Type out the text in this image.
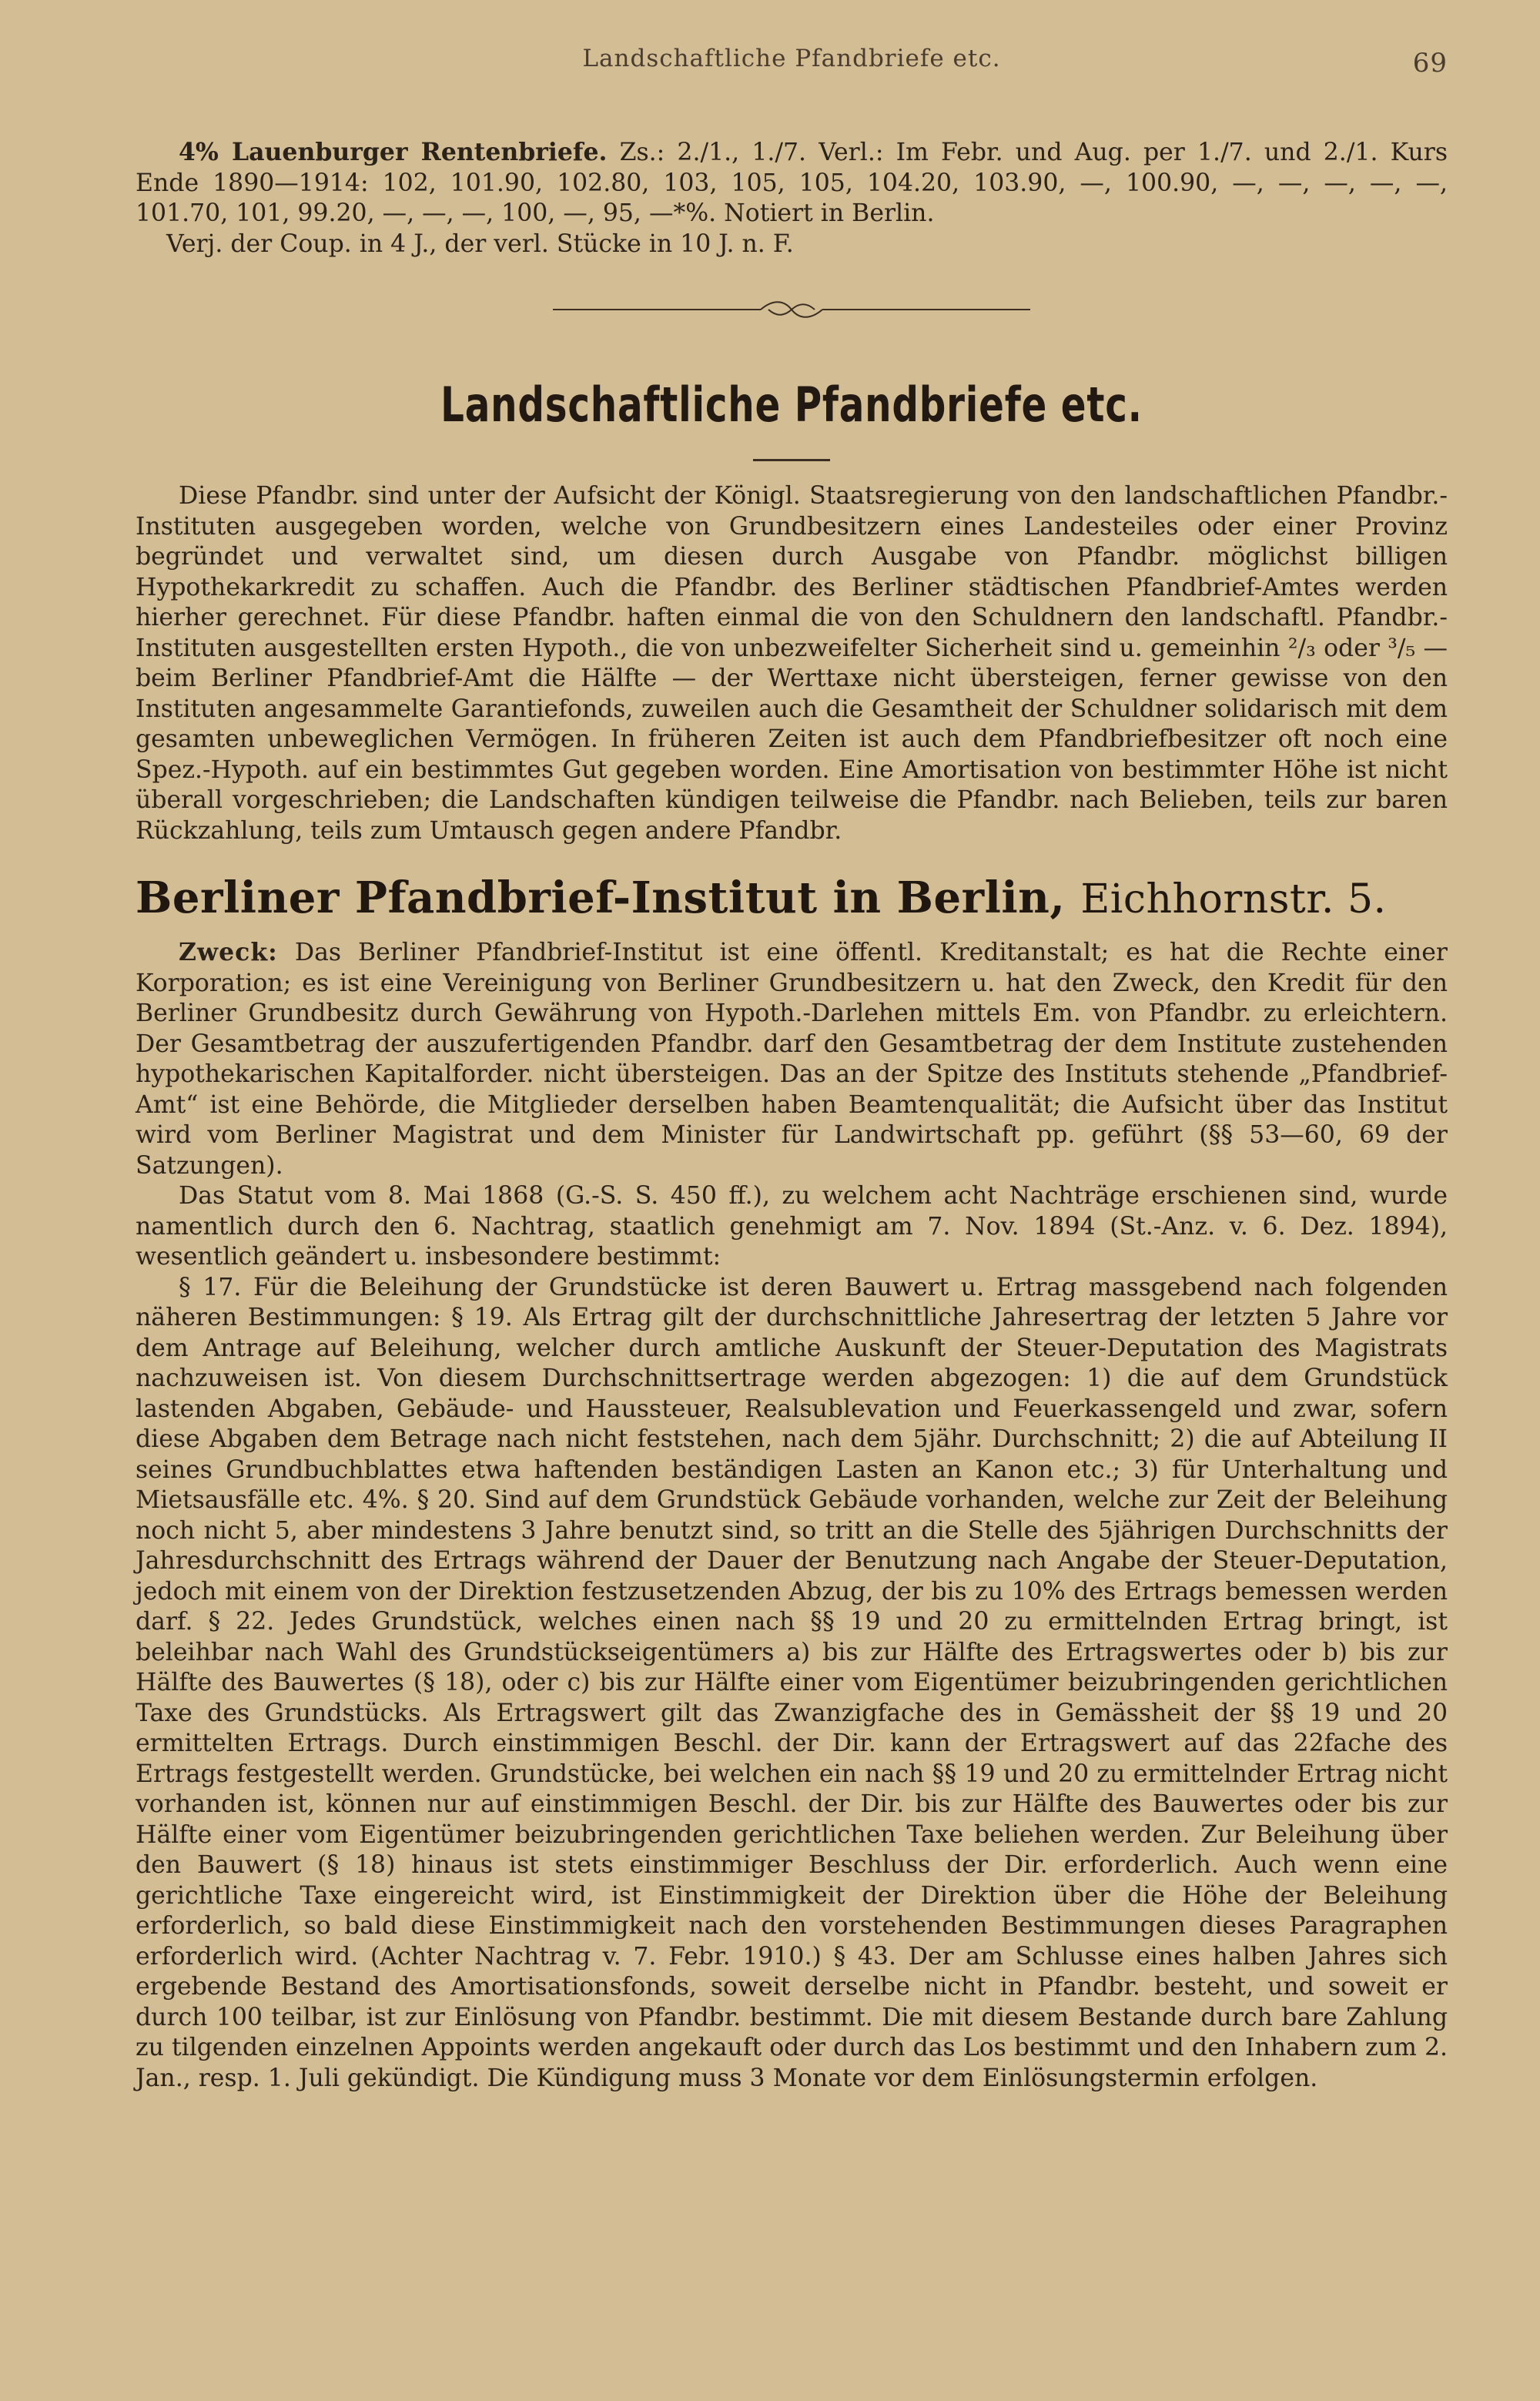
Landschaftliche Pfandbriefe etc.	69

4% Lauenburger Rentenbriefe. Zs.: 2./1., 1./7. Verl.: Im Febr. und Aug. per 1./7. und 2./1. Kurs Ende 1890—1914: 102, 101.90, 102.80, 103, 105, 105, 104.20, 103.90, —, 100.90, —, —, —, —, —, 101.70, 101, 99.20, —, —, —, 100, —, 95, —*%. Notiert in Berlin.

Verj. der Coup. in 4 J., der verl. Stücke in 10 J. n. F.

Landschaftliche Pfandbriefe etc.

Diese Pfandbr. sind unter der Aufsicht der Königl. Staatsregierung von den landschaftlichen Pfandbr.-Instituten ausgegeben worden, welche von Grundbesitzern eines Landesteiles oder einer Provinz begründet und verwaltet sind, um diesen durch Ausgabe von Pfandbr. möglichst billigen Hypothekarkredit zu schaffen. Auch die Pfandbr. des Berliner städtischen Pfandbrief-Amtes werden hierher gerechnet. Für diese Pfandbr. haften einmal die von den Schuldnern den landschaftl. Pfandbr.-Instituten ausgestellten ersten Hypoth., die von unbezweifelter Sicherheit sind u. gemeinhin ²/₃ oder ³/₅ — beim Berliner Pfandbrief-Amt die Hälfte — der Werttaxe nicht übersteigen, ferner gewisse von den Instituten angesammelte Garantiefonds, zuweilen auch die Gesamtheit der Schuldner solidarisch mit dem gesamten unbeweglichen Vermögen. In früheren Zeiten ist auch dem Pfandbriefbesitzer oft noch eine Spez.-Hypoth. auf ein bestimmtes Gut gegeben worden. Eine Amortisation von bestimmter Höhe ist nicht überall vorgeschrieben; die Landschaften kündigen teilweise die Pfandbr. nach Belieben, teils zur baren Rückzahlung, teils zum Umtausch gegen andere Pfandbr.

Berliner Pfandbrief-Institut in Berlin, Eichhornstr. 5.

Zweck: Das Berliner Pfandbrief-Institut ist eine öffentl. Kreditanstalt; es hat die Rechte einer Korporation; es ist eine Vereinigung von Berliner Grundbesitzern u. hat den Zweck, den Kredit für den Berliner Grundbesitz durch Gewährung von Hypoth.-Darlehen mittels Em. von Pfandbr. zu erleichtern. Der Gesamtbetrag der auszufertigenden Pfandbr. darf den Gesamtbetrag der dem Institute zustehenden hypothekarischen Kapitalforder. nicht übersteigen. Das an der Spitze des Instituts stehende „Pfandbrief-Amt“ ist eine Behörde, die Mitglieder derselben haben Beamtenqualität; die Aufsicht über das Institut wird vom Berliner Magistrat und dem Minister für Landwirtschaft pp. geführt (§§ 53—60, 69 der Satzungen).

Das Statut vom 8. Mai 1868 (G.-S. S. 450 ff.), zu welchem acht Nachträge erschienen sind, wurde namentlich durch den 6. Nachtrag, staatlich genehmigt am 7. Nov. 1894 (St.-Anz. v. 6. Dez. 1894), wesentlich geändert u. insbesondere bestimmt:

§ 17. Für die Beleihung der Grundstücke ist deren Bauwert u. Ertrag massgebend nach folgenden näheren Bestimmungen: § 19. Als Ertrag gilt der durchschnittliche Jahresertrag der letzten 5 Jahre vor dem Antrage auf Beleihung, welcher durch amtliche Auskunft der Steuer-Deputation des Magistrats nachzuweisen ist. Von diesem Durchschnittsertrage werden abgezogen: 1) die auf dem Grundstück lastenden Abgaben, Gebäude- und Haussteuer, Realsublevation und Feuerkassengeld und zwar, sofern diese Abgaben dem Betrage nach nicht feststehen, nach dem 5jähr. Durchschnitt; 2) die auf Abteilung II seines Grundbuchblattes etwa haftenden beständigen Lasten an Kanon etc.; 3) für Unterhaltung und Mietsausfälle etc. 4%. § 20. Sind auf dem Grundstück Gebäude vorhanden, welche zur Zeit der Beleihung noch nicht 5, aber mindestens 3 Jahre benutzt sind, so tritt an die Stelle des 5jährigen Durchschnitts der Jahresdurchschnitt des Ertrags während der Dauer der Benutzung nach Angabe der Steuer-Deputation, jedoch mit einem von der Direktion festzusetzenden Abzug, der bis zu 10% des Ertrags bemessen werden darf. § 22. Jedes Grundstück, welches einen nach §§ 19 und 20 zu ermittelnden Ertrag bringt, ist beleihbar nach Wahl des Grundstückseigentümers a) bis zur Hälfte des Ertragswertes oder b) bis zur Hälfte des Bauwertes (§ 18), oder c) bis zur Hälfte einer vom Eigentümer beizubringenden gerichtlichen Taxe des Grundstücks. Als Ertragswert gilt das Zwanzigfache des in Gemässheit der §§ 19 und 20 ermittelten Ertrags. Durch einstimmigen Beschl. der Dir. kann der Ertragswert auf das 22fache des Ertrags festgestellt werden. Grundstücke, bei welchen ein nach §§ 19 und 20 zu ermittelnder Ertrag nicht vorhanden ist, können nur auf einstimmigen Beschl. der Dir. bis zur Hälfte des Bauwertes oder bis zur Hälfte einer vom Eigentümer beizubringenden gerichtlichen Taxe beliehen werden. Zur Beleihung über den Bauwert (§ 18) hinaus ist stets einstimmiger Beschluss der Dir. erforderlich. Auch wenn eine gerichtliche Taxe eingereicht wird, ist Einstimmigkeit der Direktion über die Höhe der Beleihung erforderlich, so bald diese Einstimmigkeit nach den vorstehenden Bestimmungen dieses Paragraphen erforderlich wird. (Achter Nachtrag v. 7. Febr. 1910.) § 43. Der am Schlusse eines halben Jahres sich ergebende Bestand des Amortisationsfonds, soweit derselbe nicht in Pfandbr. besteht, und soweit er durch 100 teilbar, ist zur Einlösung von Pfandbr. bestimmt. Die mit diesem Bestande durch bare Zahlung zu tilgenden einzelnen Appoints werden angekauft oder durch das Los bestimmt und den Inhabern zum 2. Jan., resp. 1. Juli gekündigt. Die Kündigung muss 3 Monate vor dem Einlösungstermin erfolgen.
